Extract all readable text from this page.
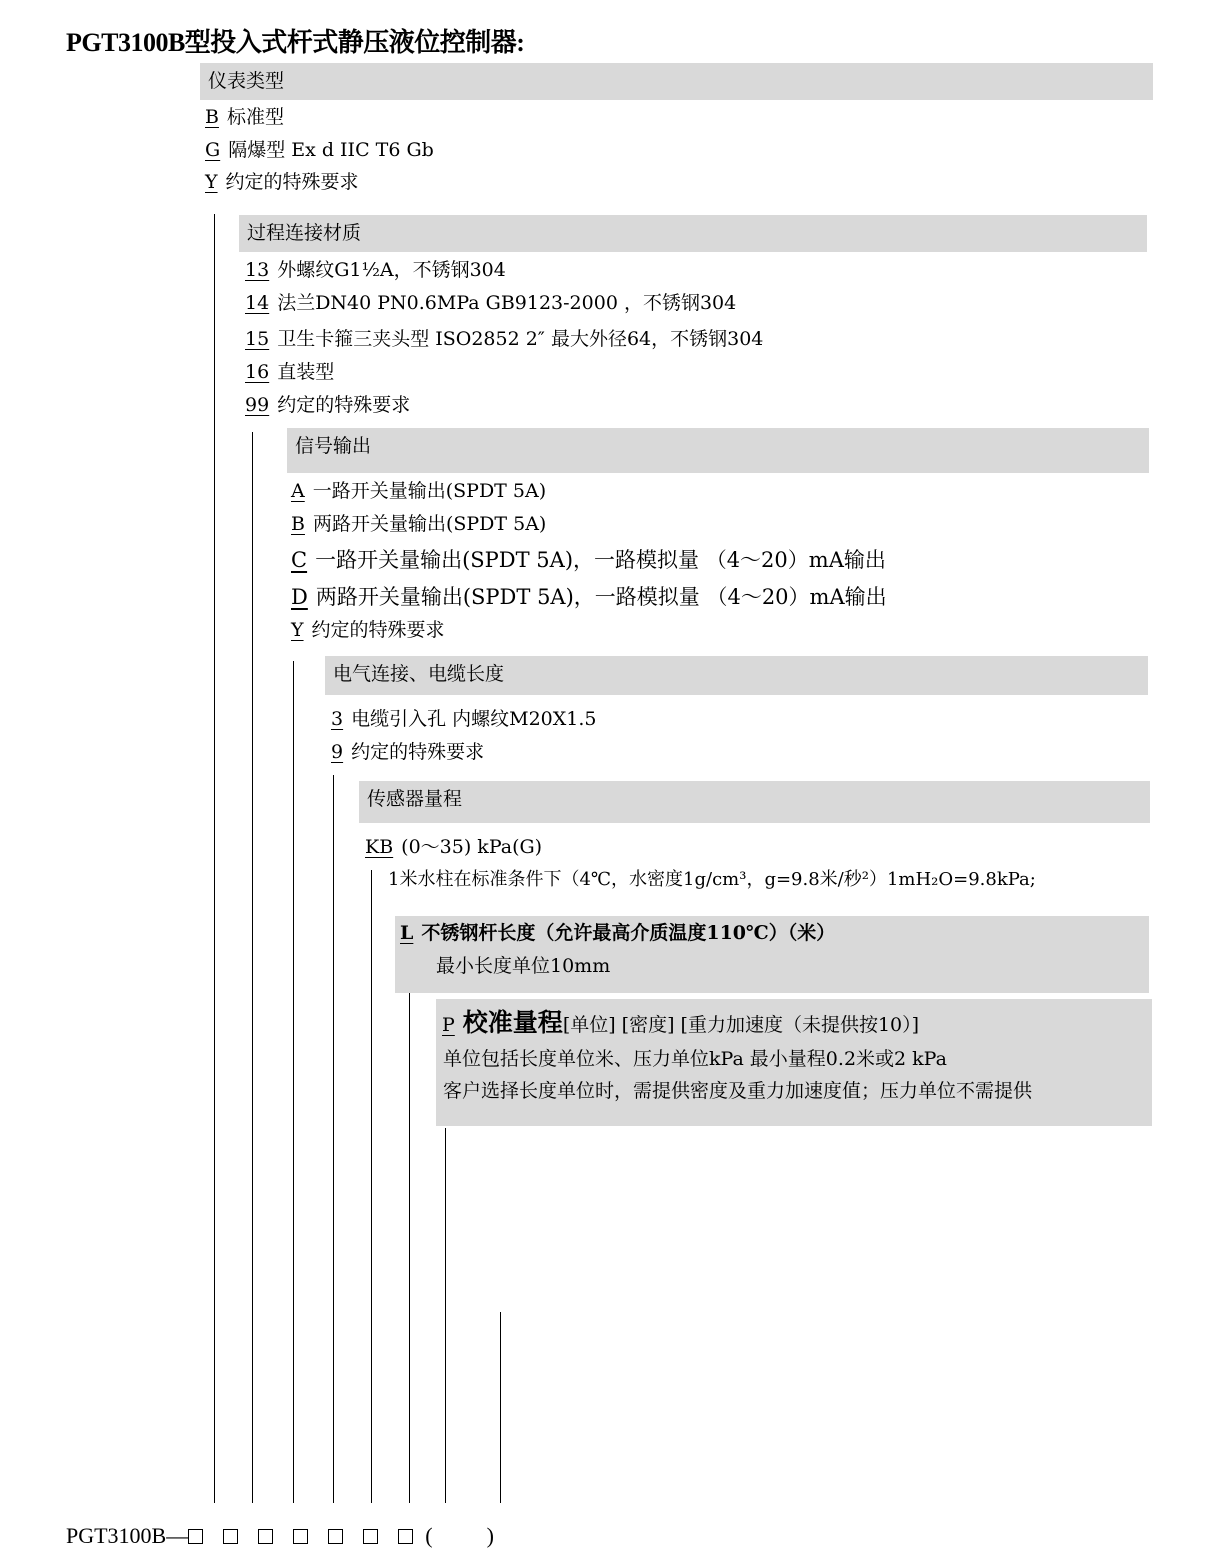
PGT3100B型投入式杆式静压液位控制器:
仪表类型
B 标准型
G 隔爆型 Ex d IIC T6 Gb
Y 约定的特殊要求
过程连接材质
13 外螺纹G1½A，不锈钢304
14 法兰DN40 PN0.6MPa GB9123-2000 ，不锈钢304
15 卫生卡箍三夹头型 ISO2852 2″ 最大外径64，不锈钢304
16 直装型
99 约定的特殊要求
信号输出
A 一路开关量输出(SPDT 5A)
B 两路开关量输出(SPDT 5A)
C 一路开关量输出(SPDT 5A)，一路模拟量 （4～20）mA输出
D 两路开关量输出(SPDT 5A)，一路模拟量 （4～20）mA输出
Y 约定的特殊要求
电气连接、电缆长度
3 电缆引入孔 内螺纹M20X1.5
9 约定的特殊要求
传感器量程
KB (0～35) kPa(G)
1米水柱在标准条件下（4℃，水密度1g/cm³，g=9.8米/秒²）1mH₂O=9.8kPa;
L 不锈钢杆长度（允许最高介质温度110℃）（米）
最小长度单位10mm
P 校准量程[单位] [密度] [重力加速度（未提供按10）]
单位包括长度单位米、压力单位kPa 最小量程0.2米或2 kPa
客户选择长度单位时，需提供密度及重力加速度值；压力单位不需提供
PGT3100B—	( )
